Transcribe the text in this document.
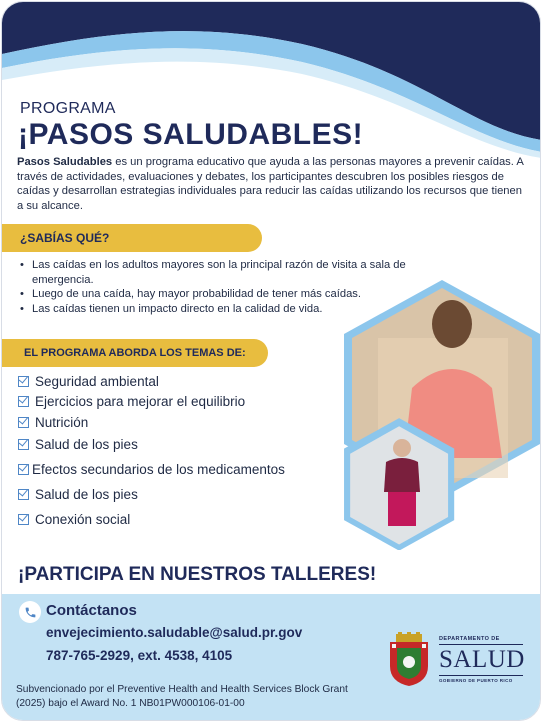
PROGRAMA
¡PASOS SALUDABLES!

Pasos Saludables es un programa educativo que ayuda a las personas mayores a prevenir caídas. A través de actividades, evaluaciones y debates, los participantes descubren los posibles riesgos de caídas y desarrollan estrategias individuales para reducir las caídas utilizando los recursos que tienen a su alcance.

¿SABÍAS QUÉ?
• Las caídas en los adultos mayores son la principal razón de visita a sala de emergencia.
• Luego de una caída, hay mayor probabilidad de tener más caídas.
• Las caídas tienen un impacto directo en la calidad de vida.
EL PROGRAMA ABORDA LOS TEMAS DE:
Seguridad ambiental
Ejercicios para mejorar el equilibrio
Nutrición
Salud de los pies
Efectos secundarios de los medicamentos
Salud de los pies
Conexión social
¡PARTICIPA EN NUESTROS TALLERES!
Contáctanos
envejecimiento.saludable@salud.pr.gov
787-765-2929, ext. 4538, 4105
Subvencionado por el Preventive Health and Health Services Block Grant (2025) bajo el Award No. 1 NB01PW000106-01-00
DEPARTAMENTO DE
SALUD
GOBIERNO DE PUERTO RICO
